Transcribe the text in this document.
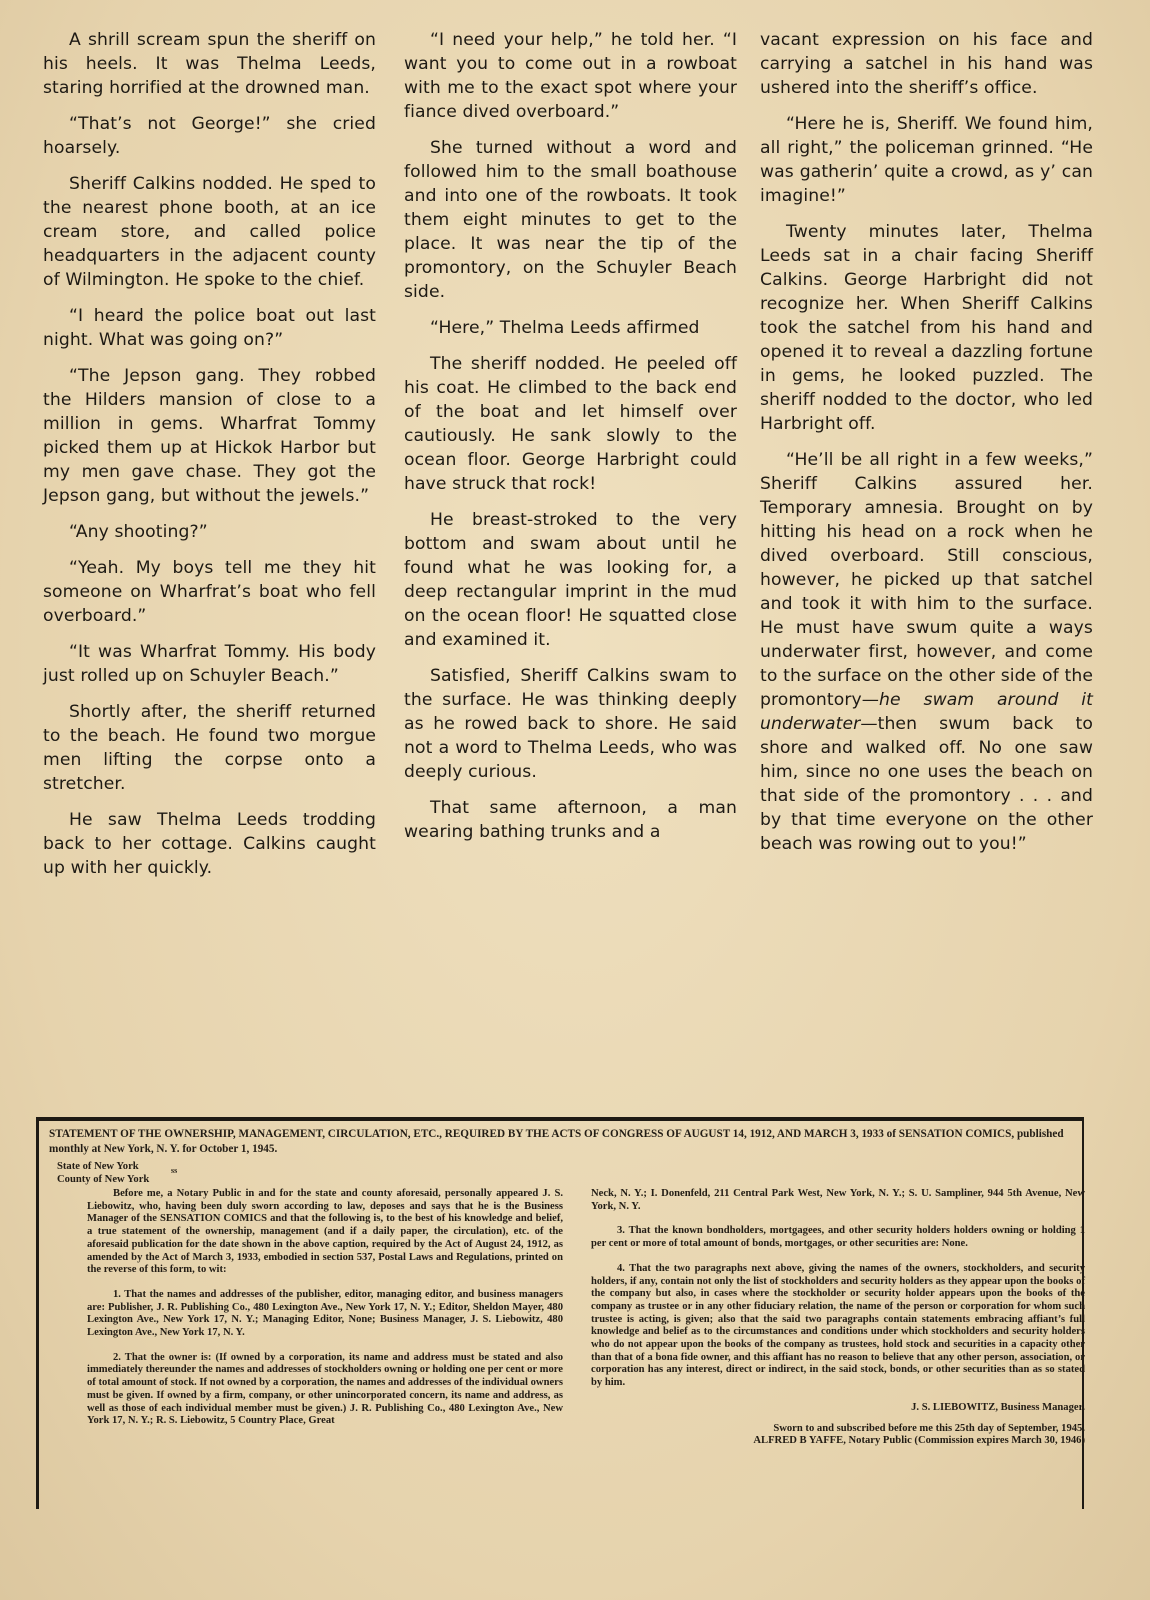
A shrill scream spun the sheriff on his heels. It was Thelma Leeds, staring horrified at the drowned man.

“That’s not George!” she cried hoarsely.

Sheriff Calkins nodded. He sped to the nearest phone booth, at an ice cream store, and called police headquarters in the adjacent county of Wilmington. He spoke to the chief.

“I heard the police boat out last night. What was going on?”

“The Jepson gang. They robbed the Hilders mansion of close to a million in gems. Wharfrat Tommy picked them up at Hickok Harbor but my men gave chase. They got the Jepson gang, but without the jewels.”

“Any shooting?”

“Yeah. My boys tell me they hit someone on Wharfrat’s boat who fell overboard.”

“It was Wharfrat Tommy. His body just rolled up on Schuyler Beach.”

Shortly after, the sheriff returned to the beach. He found two morgue men lifting the corpse onto a stretcher.

He saw Thelma Leeds trodding back to her cottage. Calkins caught up with her quickly.

“I need your help,” he told her. “I want you to come out in a rowboat with me to the exact spot where your fiance dived overboard.”

She turned without a word and followed him to the small boathouse and into one of the rowboats. It took them eight minutes to get to the place. It was near the tip of the promontory, on the Schuyler Beach side.

“Here,” Thelma Leeds affirmed

The sheriff nodded. He peeled off his coat. He climbed to the back end of the boat and let himself over cautiously. He sank slowly to the ocean floor. George Harbright could have struck that rock!

He breast-stroked to the very bottom and swam about until he found what he was looking for, a deep rectangular imprint in the mud on the ocean floor! He squatted close and examined it.

Satisfied, Sheriff Calkins swam to the surface. He was thinking deeply as he rowed back to shore. He said not a word to Thelma Leeds, who was deeply curious.

That same afternoon, a man wearing bathing trunks and a

vacant expression on his face and carrying a satchel in his hand was ushered into the sheriff’s office.

“Here he is, Sheriff. We found him, all right,” the policeman grinned. “He was gatherin’ quite a crowd, as y’ can imagine!”

Twenty minutes later, Thelma Leeds sat in a chair facing Sheriff Calkins. George Harbright did not recognize her. When Sheriff Calkins took the satchel from his hand and opened it to reveal a dazzling fortune in gems, he looked puzzled. The sheriff nodded to the doctor, who led Harbright off.

“He’ll be all right in a few weeks,” Sheriff Calkins assured her. Temporary amnesia. Brought on by hitting his head on a rock when he dived overboard. Still conscious, however, he picked up that satchel and took it with him to the surface. He must have swum quite a ways underwater first, however, and come to the surface on the other side of the promontory—he swam around it underwater—then swum back to shore and walked off. No one saw him, since no one uses the beach on that side of the promontory . . . and by that time everyone on the other beach was rowing out to you!”

STATEMENT OF THE OWNERSHIP, MANAGEMENT, CIRCULATION, ETC., REQUIRED BY THE ACTS OF CONGRESS OF AUGUST 14, 1912, AND MARCH 3, 1933 of SENSATION COMICS, published monthly at New York, N. Y. for October 1, 1945.
State of New York
County of New York
ss

Before me, a Notary Public in and for the state and county aforesaid, personally appeared J. S. Liebowitz, who, having been duly sworn according to law, deposes and says that he is the Business Manager of the SENSATION COMICS and that the following is, to the best of his knowledge and belief, a true statement of the ownership, management (and if a daily paper, the circulation), etc. of the aforesaid publication for the date shown in the above caption, required by the Act of August 24, 1912, as amended by the Act of March 3, 1933, embodied in section 537, Postal Laws and Regulations, printed on the reverse of this form, to wit:

1. That the names and addresses of the publisher, editor, managing editor, and business managers are: Publisher, J. R. Publishing Co., 480 Lexington Ave., New York 17, N. Y.; Editor, Sheldon Mayer, 480 Lexington Ave., New York 17, N. Y.; Managing Editor, None; Business Manager, J. S. Liebowitz, 480 Lexington Ave., New York 17, N. Y.

2. That the owner is: (If owned by a corporation, its name and address must be stated and also immediately thereunder the names and addresses of stockholders owning or holding one per cent or more of total amount of stock. If not owned by a corporation, the names and addresses of the individual owners must be given. If owned by a firm, company, or other unincorporated concern, its name and address, as well as those of each individual member must be given.) J. R. Publishing Co., 480 Lexington Ave., New York 17, N. Y.; R. S. Liebowitz, 5 Country Place, Great

Neck, N. Y.; I. Donenfeld, 211 Central Park West, New York, N. Y.; S. U. Sampliner, 944 5th Avenue, New York, N. Y.

3. That the known bondholders, mortgagees, and other security holders holders owning or holding 1 per cent or more of total amount of bonds, mortgages, or other securities are: None.

4. That the two paragraphs next above, giving the names of the owners, stockholders, and security holders, if any, contain not only the list of stockholders and security holders as they appear upon the books of the company but also, in cases where the stockholder or security holder appears upon the books of the company as trustee or in any other fiduciary relation, the name of the person or corporation for whom such trustee is acting, is given; also that the said two paragraphs contain statements embracing affiant’s full knowledge and belief as to the circumstances and conditions under which stockholders and security holders who do not appear upon the books of the company as trustees, hold stock and securities in a capacity other than that of a bona fide owner, and this affiant has no reason to believe that any other person, association, or corporation has any interest, direct or indirect, in the said stock, bonds, or other securities than as so stated by him.

J. S. LIEBOWITZ, Business Manager.
Sworn to and subscribed before me this 25th day of September, 1945.
ALFRED B YAFFE, Notary Public (Commission expires March 30, 1946)
